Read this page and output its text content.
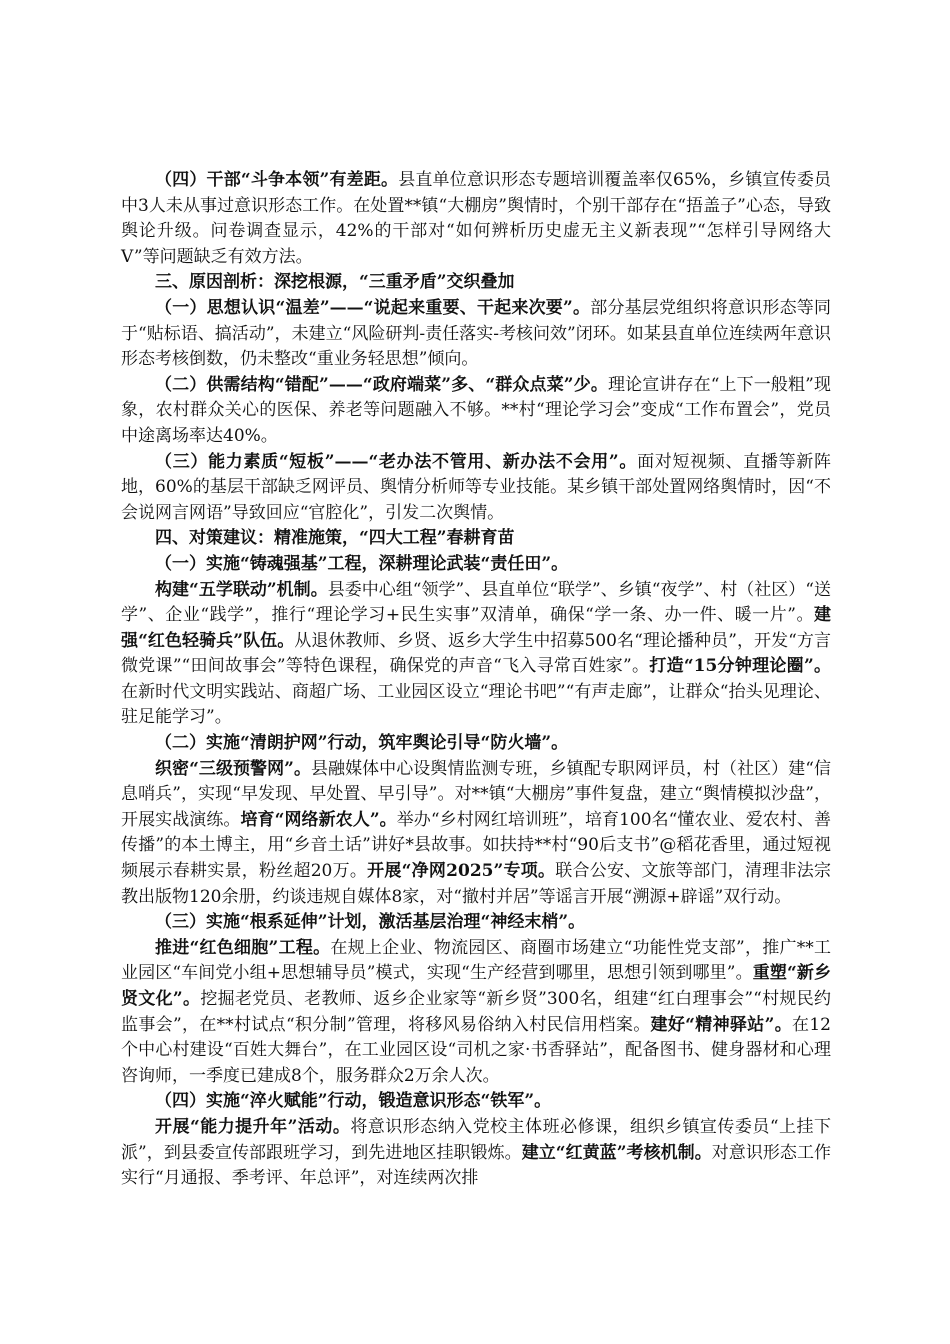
（四）干部“斗争本领”有差距。县直单位意识形态专题培训覆盖率仅65%，乡镇宣传委员中3人未从事过意识形态工作。在处置**镇“大棚房”舆情时，个别干部存在“捂盖子”心态，导致舆论升级。问卷调查显示，42%的干部对“如何辨析历史虚无主义新表现”“怎样引导网络大V”等问题缺乏有效方法。

三、原因剖析：深挖根源，“三重矛盾”交织叠加

（一）思想认识“温差”——“说起来重要、干起来次要”。部分基层党组织将意识形态等同于“贴标语、搞活动”，未建立“风险研判-责任落实-考核问效”闭环。如某县直单位连续两年意识形态考核倒数，仍未整改“重业务轻思想”倾向。

（二）供需结构“错配”——“政府端菜”多、“群众点菜”少。理论宣讲存在“上下一般粗”现象，农村群众关心的医保、养老等问题融入不够。**村“理论学习会”变成“工作布置会”，党员中途离场率达40%。

（三）能力素质“短板”——“老办法不管用、新办法不会用”。面对短视频、直播等新阵地，60%的基层干部缺乏网评员、舆情分析师等专业技能。某乡镇干部处置网络舆情时，因“不会说网言网语”导致回应“官腔化”，引发二次舆情。

四、对策建议：精准施策，“四大工程”春耕育苗
（一）实施“铸魂强基”工程，深耕理论武装“责任田”。

构建“五学联动”机制。县委中心组“领学”、县直单位“联学”、乡镇“夜学”、村（社区）“送学”、企业“践学”，推行“理论学习+民生实事”双清单，确保“学一条、办一件、暖一片”。建强“红色轻骑兵”队伍。从退休教师、乡贤、返乡大学生中招募500名“理论播种员”，开发“方言微党课”“田间故事会”等特色课程，确保党的声音“飞入寻常百姓家”。打造“15分钟理论圈”。在新时代文明实践站、商超广场、工业园区设立“理论书吧”“有声走廊”，让群众“抬头见理论、驻足能学习”。

（二）实施“清朗护网”行动，筑牢舆论引导“防火墙”。

织密“三级预警网”。县融媒体中心设舆情监测专班，乡镇配专职网评员，村（社区）建“信息哨兵”，实现“早发现、早处置、早引导”。对**镇“大棚房”事件复盘，建立“舆情模拟沙盘”，开展实战演练。培育“网络新农人”。举办“乡村网红培训班”，培育100名“懂农业、爱农村、善传播”的本土博主，用“乡音土话”讲好*县故事。如扶持**村“90后支书”@稻花香里，通过短视频展示春耕实景，粉丝超20万。开展“净网2025”专项。联合公安、文旅等部门，清理非法宗教出版物120余册，约谈违规自媒体8家，对“撤村并居”等谣言开展“溯源+辟谣”双行动。

（三）实施“根系延伸”计划，激活基层治理“神经末梢”。

推进“红色细胞”工程。在规上企业、物流园区、商圈市场建立“功能性党支部”，推广**工业园区“车间党小组+思想辅导员”模式，实现“生产经营到哪里，思想引领到哪里”。重塑“新乡贤文化”。挖掘老党员、老教师、返乡企业家等“新乡贤”300名，组建“红白理事会”“村规民约监事会”，在**村试点“积分制”管理，将移风易俗纳入村民信用档案。建好“精神驿站”。在12个中心村建设“百姓大舞台”，在工业园区设“司机之家·书香驿站”，配备图书、健身器材和心理咨询师，一季度已建成8个，服务群众2万余人次。

（四）实施“淬火赋能”行动，锻造意识形态“铁军”。

开展“能力提升年”活动。将意识形态纳入党校主体班必修课，组织乡镇宣传委员“上挂下派”，到县委宣传部跟班学习，到先进地区挂职锻炼。建立“红黄蓝”考核机制。对意识形态工作实行“月通报、季考评、年总评”，对连续两次排
